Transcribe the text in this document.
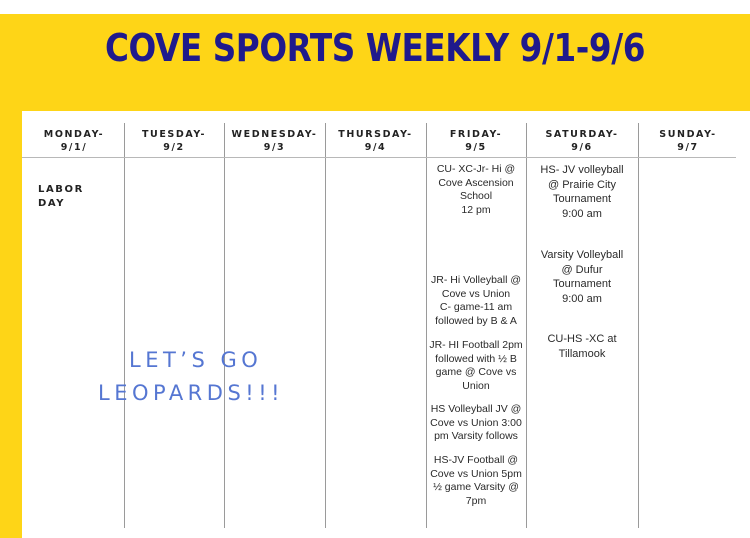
COVE SPORTS WEEKLY 9/1-9/6
MONDAY-
9/1/
TUESDAY-
9/2
WEDNESDAY-
9/3
THURSDAY-
9/4
FRIDAY-
9/5
SATURDAY-
9/6
SUNDAY-
9/7
LABOR
DAY
CU- XC-Jr- Hi @
Cove Ascension
School
12 pm
JR- Hi Volleyball @
Cove vs Union
C- game-11 am
followed by B & A
JR- HI Football 2pm
followed with ½ B
game @ Cove vs
Union
HS Volleyball JV @
Cove vs Union 3:00
pm Varsity follows
HS-JV Football @
Cove vs Union 5pm
½ game Varsity @
7pm
HS- JV volleyball
@ Prairie City
Tournament
9:00 am
Varsity Volleyball
@ Dufur
Tournament
9:00 am
CU-HS -XC at
Tillamook
LET’S GO
LEOPARDS!!!
